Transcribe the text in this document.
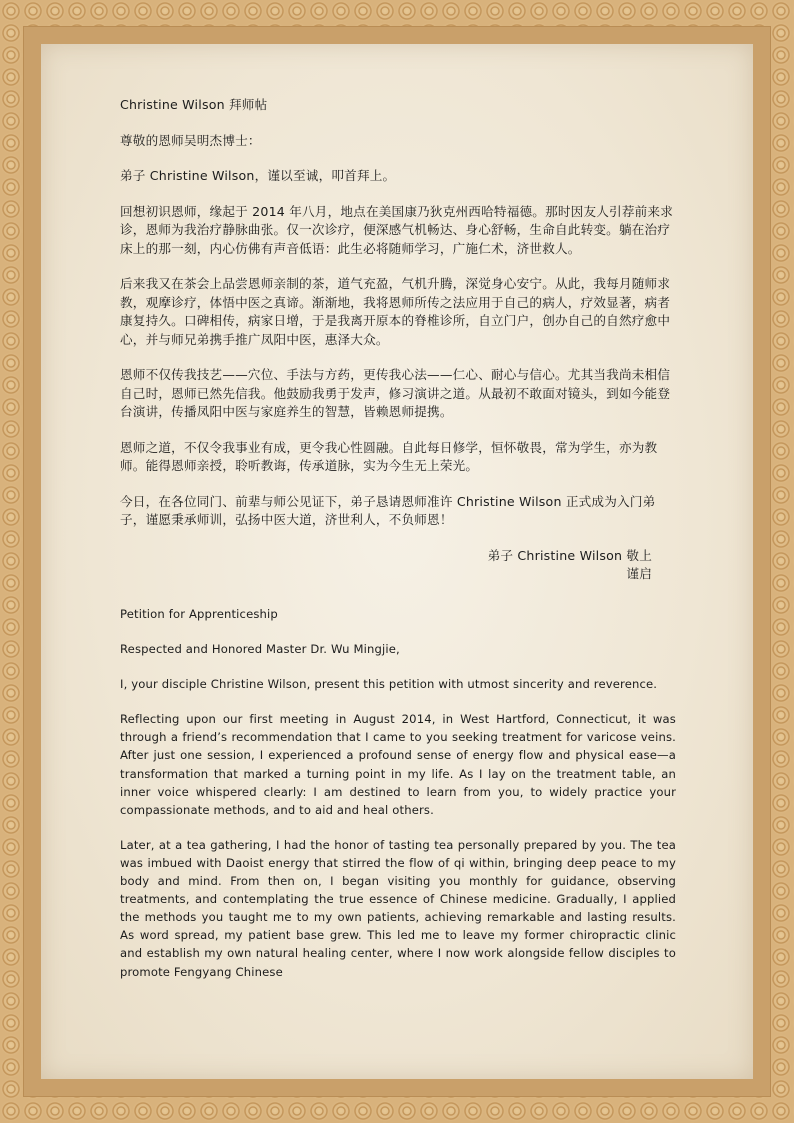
Christine Wilson 拜师帖

尊敬的恩师吴明杰博士：

弟子 Christine Wilson，谨以至诚，叩首拜上。

回想初识恩师，缘起于 2014 年八月，地点在美国康乃狄克州西哈特福德。那时因友人引荐前来求诊，恩师为我治疗静脉曲张。仅一次诊疗，便深感气机畅达、身心舒畅，生命自此转变。躺在治疗床上的那一刻，内心仿佛有声音低语：此生必将随师学习，广施仁术，济世救人。

后来我又在茶会上品尝恩师亲制的茶，道气充盈，气机升腾，深觉身心安宁。从此，我每月随师求教，观摩诊疗，体悟中医之真谛。渐渐地，我将恩师所传之法应用于自己的病人，疗效显著，病者康复持久。口碑相传，病家日增，于是我离开原本的脊椎诊所，自立门户，创办自己的自然疗愈中心，并与师兄弟携手推广凤阳中医，惠泽大众。

恩师不仅传我技艺——穴位、手法与方药，更传我心法——仁心、耐心与信心。尤其当我尚未相信自己时，恩师已然先信我。他鼓励我勇于发声，修习演讲之道。从最初不敢面对镜头，到如今能登台演讲，传播凤阳中医与家庭养生的智慧，皆赖恩师提携。

恩师之道，不仅令我事业有成，更令我心性圆融。自此每日修学，恒怀敬畏，常为学生，亦为教师。能得恩师亲授，聆听教诲，传承道脉，实为今生无上荣光。

今日，在各位同门、前辈与师公见证下，弟子恳请恩师准许 Christine Wilson 正式成为入门弟子，谨愿秉承师训，弘扬中医大道，济世利人，不负师恩！

弟子 Christine Wilson 敬上

谨启

Petition for Apprenticeship

Respected and Honored Master Dr. Wu Mingjie,

I, your disciple Christine Wilson, present this petition with utmost sincerity and reverence.

Reflecting upon our first meeting in August 2014, in West Hartford, Connecticut, it was through a friend’s recommendation that I came to you seeking treatment for varicose veins. After just one session, I experienced a profound sense of energy flow and physical ease—a transformation that marked a turning point in my life. As I lay on the treatment table, an inner voice whispered clearly: I am destined to learn from you, to widely practice your compassionate methods, and to aid and heal others.

Later, at a tea gathering, I had the honor of tasting tea personally prepared by you. The tea was imbued with Daoist energy that stirred the flow of qi within, bringing deep peace to my body and mind. From then on, I began visiting you monthly for guidance, observing treatments, and contemplating the true essence of Chinese medicine. Gradually, I applied the methods you taught me to my own patients, achieving remarkable and lasting results. As word spread, my patient base grew. This led me to leave my former chiropractic clinic and establish my own natural healing center, where I now work alongside fellow disciples to promote Fengyang Chinese
